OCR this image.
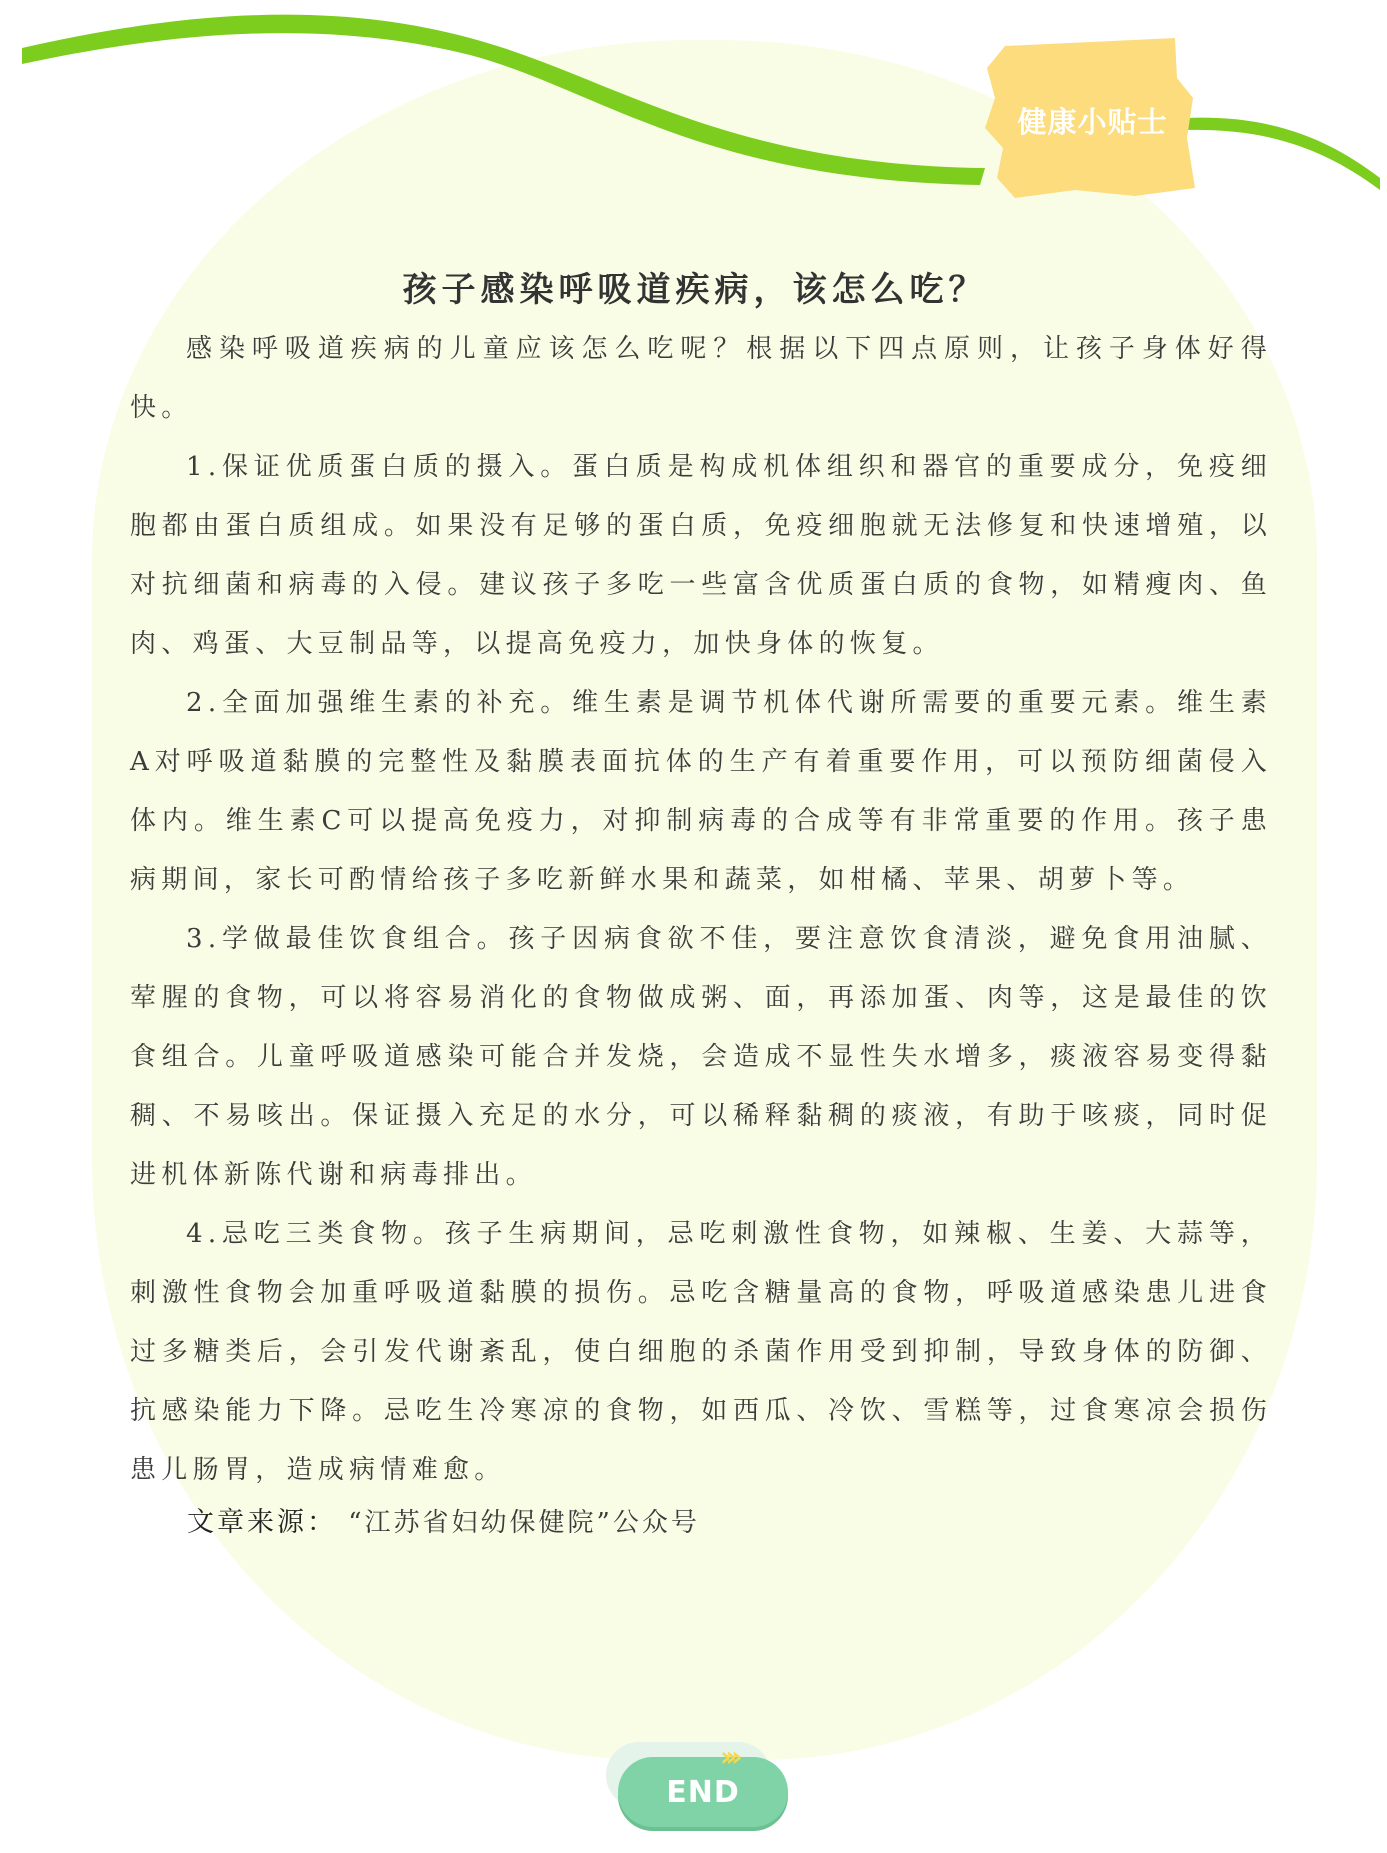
健康小贴士
孩子感染呼吸道疾病，该怎么吃？

感染呼吸道疾病的儿童应该怎么吃呢？根据以下四点原则，让孩子身体好得快。

1.保证优质蛋白质的摄入。蛋白质是构成机体组织和器官的重要成分，免疫细胞都由蛋白质组成。如果没有足够的蛋白质，免疫细胞就无法修复和快速增殖，以对抗细菌和病毒的入侵。建议孩子多吃一些富含优质蛋白质的食物，如精瘦肉、鱼肉、鸡蛋、大豆制品等，以提高免疫力，加快身体的恢复。

2.全面加强维生素的补充。维生素是调节机体代谢所需要的重要元素。维生素A对呼吸道黏膜的完整性及黏膜表面抗体的生产有着重要作用，可以预防细菌侵入体内。维生素C可以提高免疫力，对抑制病毒的合成等有非常重要的作用。孩子患病期间，家长可酌情给孩子多吃新鲜水果和蔬菜，如柑橘、苹果、胡萝卜等。

3.学做最佳饮食组合。孩子因病食欲不佳，要注意饮食清淡，避免食用油腻、荤腥的食物，可以将容易消化的食物做成粥、面，再添加蛋、肉等，这是最佳的饮食组合。儿童呼吸道感染可能合并发烧，会造成不显性失水增多，痰液容易变得黏稠、不易咳出。保证摄入充足的水分，可以稀释黏稠的痰液，有助于咳痰，同时促进机体新陈代谢和病毒排出。

4.忌吃三类食物。孩子生病期间，忌吃刺激性食物，如辣椒、生姜、大蒜等，刺激性食物会加重呼吸道黏膜的损伤。忌吃含糖量高的食物，呼吸道感染患儿进食过多糖类后，会引发代谢紊乱，使白细胞的杀菌作用受到抑制，导致身体的防御、抗感染能力下降。忌吃生冷寒凉的食物，如西瓜、冷饮、雪糕等，过食寒凉会损伤患儿肠胃，造成病情难愈。

文章来源： “江苏省妇幼保健院”公众号
END
›››
